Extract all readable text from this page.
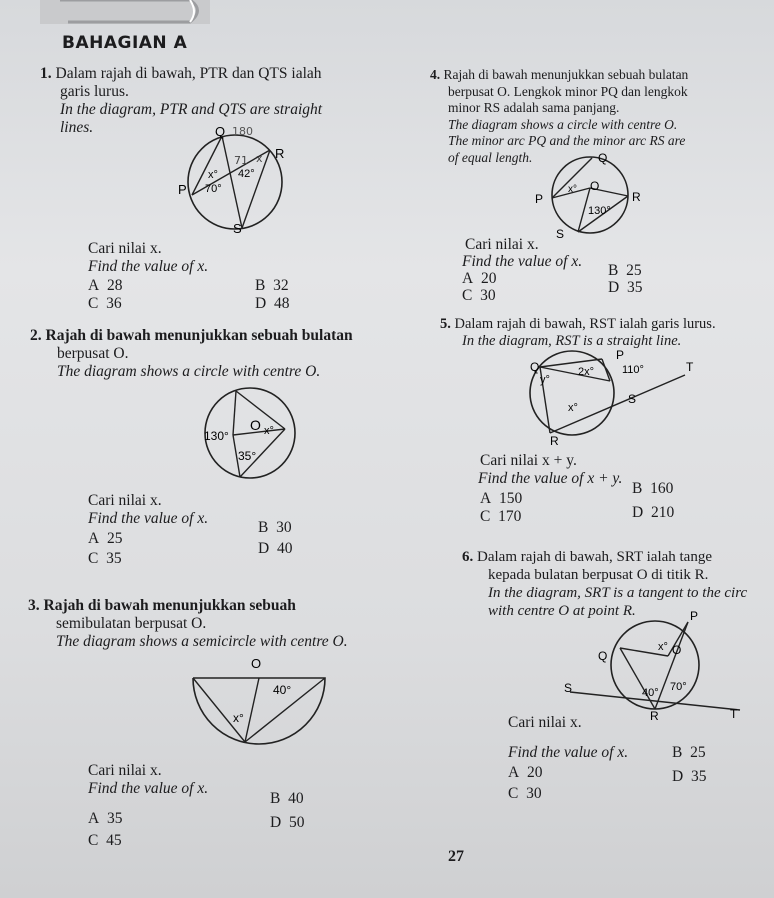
BAHAGIAN A
1. Dalam rajah di bawah, PTR dan QTS ialah
garis lurus.
In the diagram, PTR and QTS are straight
lines.	Q
R
P
S
x° 42°
70°
180
71 x
Cari nilai x.
Find the value of x.
A 28	B 32
C 36	D 48
2. Rajah di bawah menunjukkan sebuah bulatan
berpusat O.
The diagram shows a circle with centre O.
O x°
130°
35°
Cari nilai x.
Find the value of x.
A 25
B 30
C 35
D 40
3. Rajah di bawah menunjukkan sebuah
semibulatan berpusat O.
The diagram shows a semicircle with centre O.
O
40°
x°
Cari nilai x.
Find the value of x.
A 35
B 40
C 45
D 50
4. Rajah di bawah menunjukkan sebuah bulatan
berpusat O. Lengkok minor PQ dan lengkok
minor RS adalah sama panjang.
The diagram shows a circle with centre O.
The minor arc PQ and the minor arc RS are
of equal length.	Q
P
O
R
S
x°
130°
Cari nilai x.
Find the value of x.
A 20	B 25
C 30	D 35
5. Dalam rajah di bawah, RST ialah garis lurus.
In the diagram, RST is a straight line.
Q
P
T
S
R
y°
2x°	110°
x°
Cari nilai x + y.
Find the value of x + y.
A 150
B 160
C 170	D 210
6. Dalam rajah di bawah, SRT ialah tange
kepada bulatan berpusat O di titik R.
In the diagram, SRT is a tangent to the circ
with centre O at point R.	P
Q	O
S
R	T
x°
40° 70°
Cari nilai x.
Find the value of x.
A 20
B 25
C 30
D 35
27
